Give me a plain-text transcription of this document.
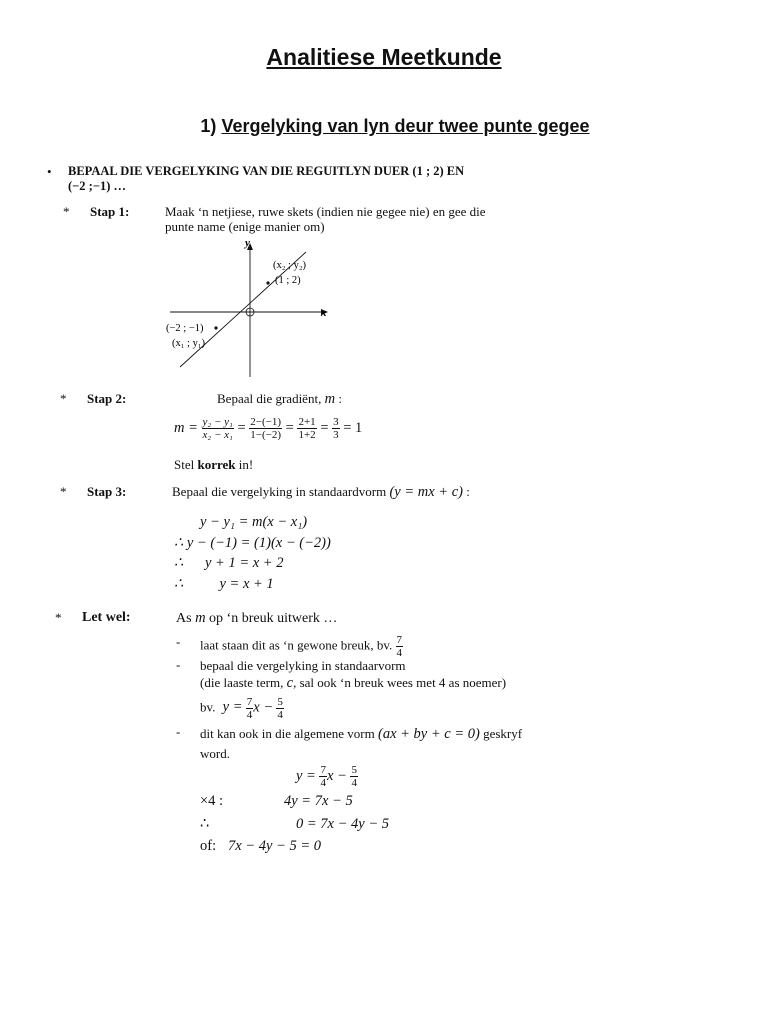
Analitiese Meetkunde
1) Vergelyking van lyn deur twee punte gegee
• BEPAAL DIE VERGELYKING VAN DIE REGUITLYN DUER (1 ; 2) EN
(−2 ;−1) …
* Stap 1:	Maak ‘n netjiese, ruwe skets (indien nie gegee nie) en gee die
punte name (enige manier om)
y
x
(x₂ ; y₂)
(1 ; 2)
(−2 ; −1)
(x₁ ; y₁)
* Stap 2:	Bepaal die gradiënt, m :
$m = \frac{\text{y₂ − y₁}}{\text{x₂ − x₁}} = \frac{2-(-1)}{1-(-2)} = \frac{2+1}{1+2} = \frac{3}{3} = 1$
Stel korrek in!
* Stap 3:	Bepaal die vergelyking in standaardvorm (y = mx + c) :
y − y₁ = m(x − x₁)
∴ y − (−1) = (1)(x − (−2))
∴      y + 1 = x + 2
∴          y = x + 1
* Let wel:	As m op ‘n breuk uitwerk …
- laat staan dit as ‘n gewone breuk, bv. $\frac{7}{4}$
- bepaal die vergelyking in standaarvorm
(die laaste term, c, sal ook ‘n breuk wees met 4 as noemer)
bv. $y = \frac{7}{4}$ $x - \frac{5}{4}$
- dit kan ook in die algemene vorm (ax + by + c = 0) geskryf
word.
$y = \frac{7}{4}$ $x - \frac{5}{4}$
×4 :	4y = 7x − 5
∴	0 = 7x − 4y − 5
of: 7x − 4y − 5 = 0
